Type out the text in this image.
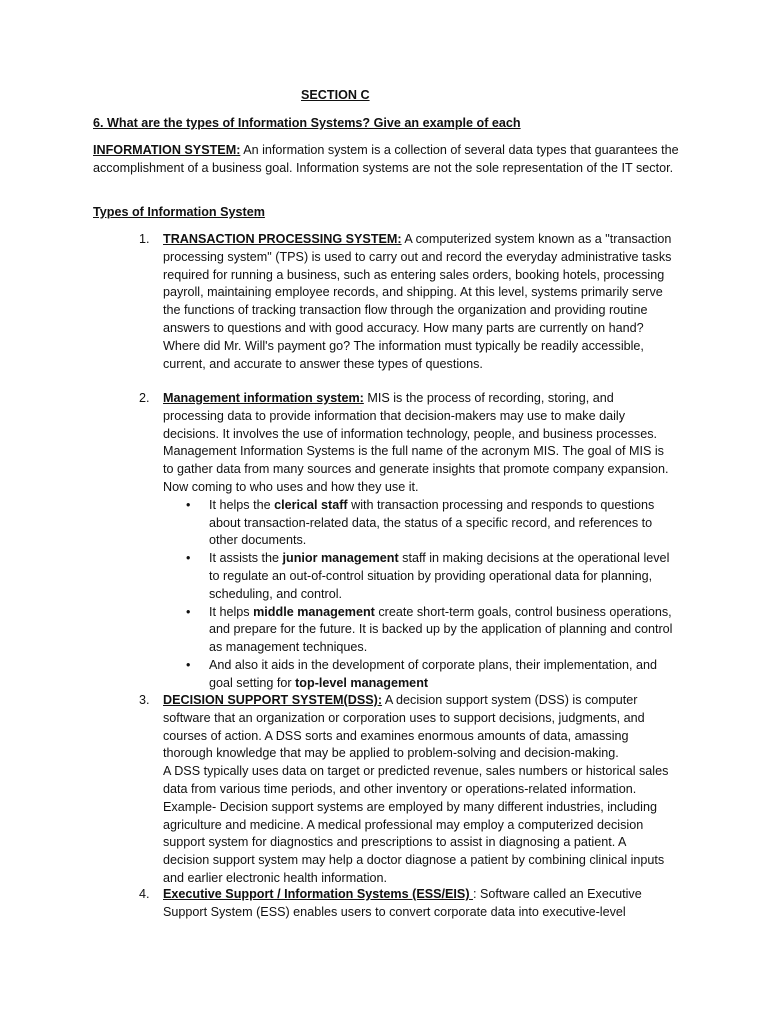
SECTION C
6. What are the types of Information Systems? Give an example of each
INFORMATION SYSTEM: An information system is a collection of several data types that guarantees the accomplishment of a business goal. Information systems are not the sole representation of the IT sector.
Types of Information System
1. TRANSACTION PROCESSING SYSTEM: A computerized system known as a "transaction processing system" (TPS) is used to carry out and record the everyday administrative tasks required for running a business, such as entering sales orders, booking hotels, processing payroll, maintaining employee records, and shipping. At this level, systems primarily serve the functions of tracking transaction flow through the organization and providing routine answers to questions and with good accuracy. How many parts are currently on hand? Where did Mr. Will's payment go? The information must typically be readily accessible, current, and accurate to answer these types of questions.

2. Management information system: MIS is the process of recording, storing, and processing data to provide information that decision-makers may use to make daily decisions. It involves the use of information technology, people, and business processes. Management Information Systems is the full name of the acronym MIS. The goal of MIS is to gather data from many sources and generate insights that promote company expansion. Now coming to who uses and how they use it.

• It helps the clerical staff with transaction processing and responds to questions about transaction-related data, the status of a specific record, and references to other documents.
• It assists the junior management staff in making decisions at the operational level to regulate an out-of-control situation by providing operational data for planning, scheduling, and control.
• It helps middle management create short-term goals, control business operations, and prepare for the future. It is backed up by the application of planning and control as management techniques.
• And also it aids in the development of corporate plans, their implementation, and goal setting for top-level management
3. DECISION SUPPORT SYSTEM(DSS): A decision support system (DSS) is computer software that an organization or corporation uses to support decisions, judgments, and courses of action. A DSS sorts and examines enormous amounts of data, amassing thorough knowledge that may be applied to problem-solving and decision-making.

A DSS typically uses data on target or predicted revenue, sales numbers or historical sales data from various time periods, and other inventory or operations-related information. Example- Decision support systems are employed by many different industries, including agriculture and medicine. A medical professional may employ a computerized decision support system for diagnostics and prescriptions to assist in diagnosing a patient. A decision support system may help a doctor diagnose a patient by combining clinical inputs and earlier electronic health information.

4. Executive Support / Information Systems (ESS/EIS) : Software called an Executive Support System (ESS) enables users to convert corporate data into executive-level
